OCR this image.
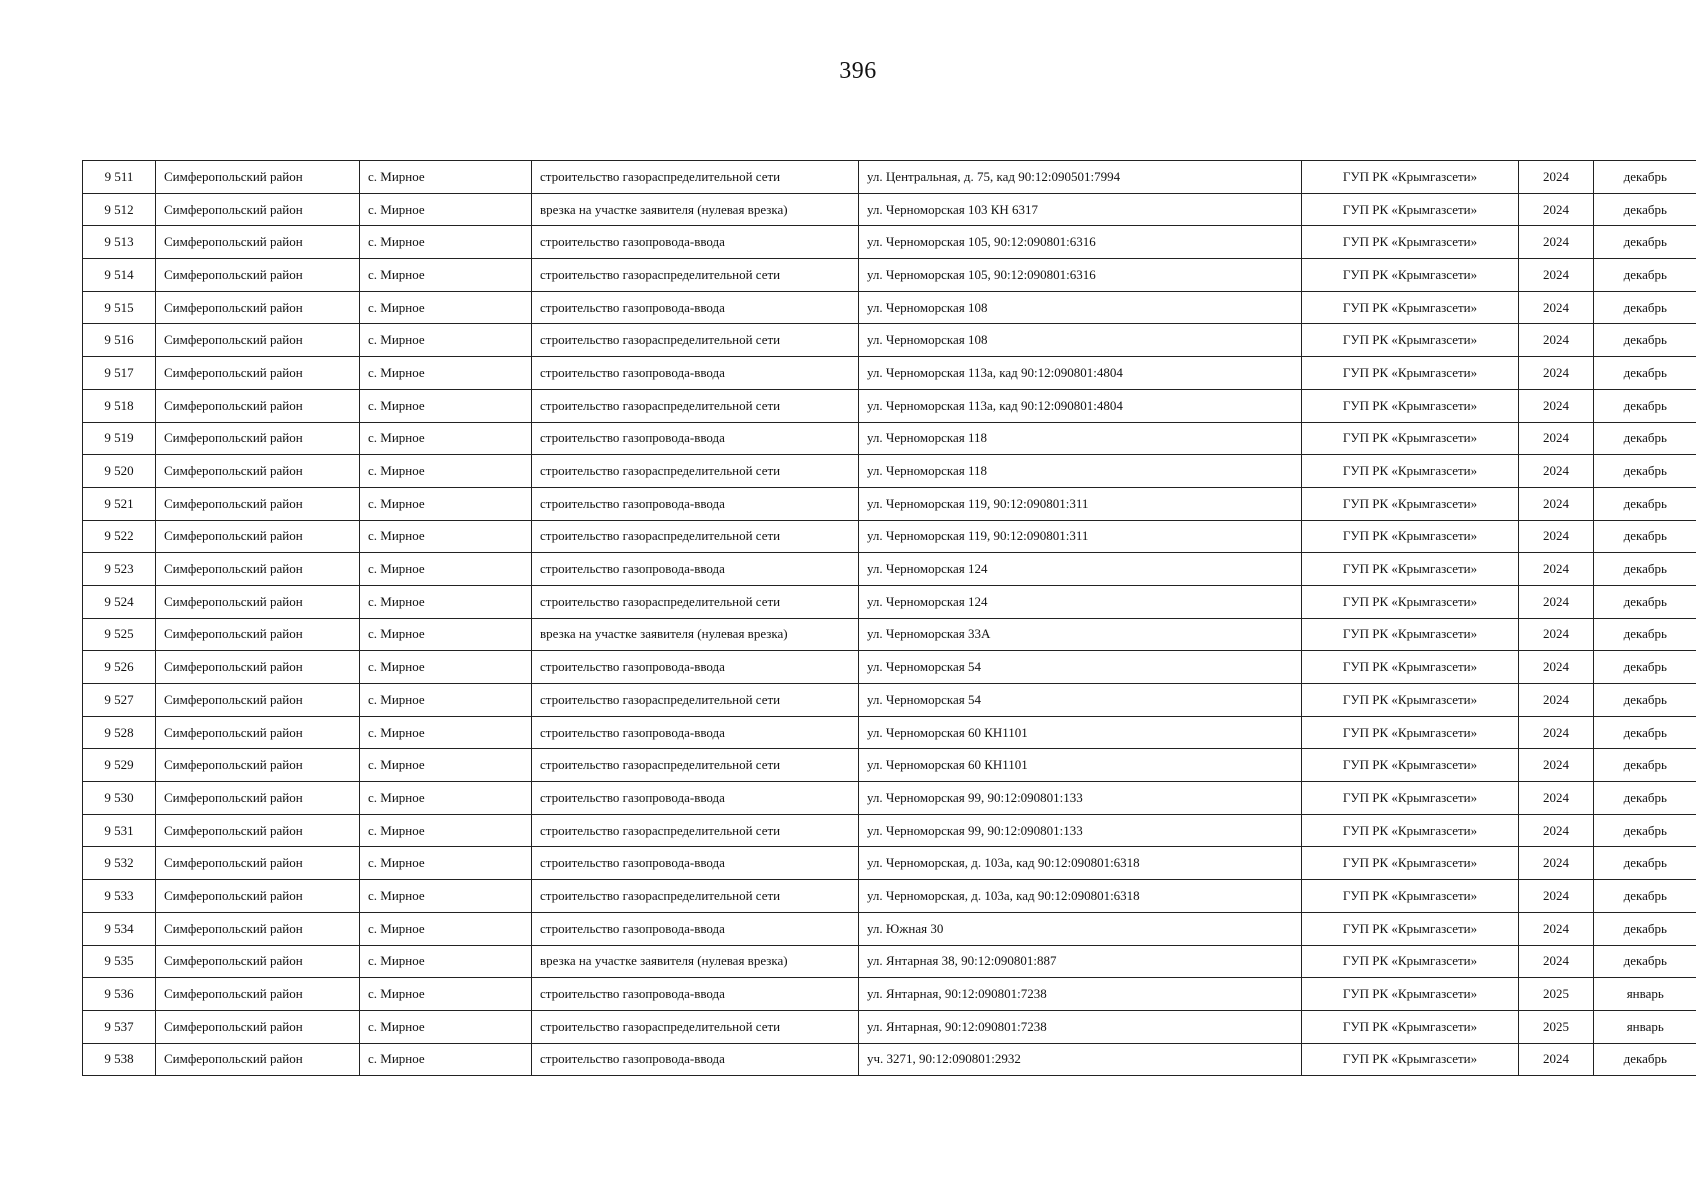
396
9 511	Симферопольский район	с. Мирное	строительство газораспределительной сети	ул. Центральная, д. 75, кад 90:12:090501:7994	ГУП РК «Крымгазсети»	2024	декабрь
9 512	Симферопольский район	с. Мирное	врезка на участке заявителя (нулевая врезка)	ул. Черноморская 103 КН 6317	ГУП РК «Крымгазсети»	2024	декабрь
9 513	Симферопольский район	с. Мирное	строительство газопровода-ввода	ул. Черноморская 105, 90:12:090801:6316	ГУП РК «Крымгазсети»	2024	декабрь
9 514	Симферопольский район	с. Мирное	строительство газораспределительной сети	ул. Черноморская 105, 90:12:090801:6316	ГУП РК «Крымгазсети»	2024	декабрь
9 515	Симферопольский район	с. Мирное	строительство газопровода-ввода	ул. Черноморская 108	ГУП РК «Крымгазсети»	2024	декабрь
9 516	Симферопольский район	с. Мирное	строительство газораспределительной сети	ул. Черноморская 108	ГУП РК «Крымгазсети»	2024	декабрь
9 517	Симферопольский район	с. Мирное	строительство газопровода-ввода	ул. Черноморская 113а, кад 90:12:090801:4804	ГУП РК «Крымгазсети»	2024	декабрь
9 518	Симферопольский район	с. Мирное	строительство газораспределительной сети	ул. Черноморская 113а, кад 90:12:090801:4804	ГУП РК «Крымгазсети»	2024	декабрь
9 519	Симферопольский район	с. Мирное	строительство газопровода-ввода	ул. Черноморская 118	ГУП РК «Крымгазсети»	2024	декабрь
9 520	Симферопольский район	с. Мирное	строительство газораспределительной сети	ул. Черноморская 118	ГУП РК «Крымгазсети»	2024	декабрь
9 521	Симферопольский район	с. Мирное	строительство газопровода-ввода	ул. Черноморская 119, 90:12:090801:311	ГУП РК «Крымгазсети»	2024	декабрь
9 522	Симферопольский район	с. Мирное	строительство газораспределительной сети	ул. Черноморская 119, 90:12:090801:311	ГУП РК «Крымгазсети»	2024	декабрь
9 523	Симферопольский район	с. Мирное	строительство газопровода-ввода	ул. Черноморская 124	ГУП РК «Крымгазсети»	2024	декабрь
9 524	Симферопольский район	с. Мирное	строительство газораспределительной сети	ул. Черноморская 124	ГУП РК «Крымгазсети»	2024	декабрь
9 525	Симферопольский район	с. Мирное	врезка на участке заявителя (нулевая врезка)	ул. Черноморская 33А	ГУП РК «Крымгазсети»	2024	декабрь
9 526	Симферопольский район	с. Мирное	строительство газопровода-ввода	ул. Черноморская 54	ГУП РК «Крымгазсети»	2024	декабрь
9 527	Симферопольский район	с. Мирное	строительство газораспределительной сети	ул. Черноморская 54	ГУП РК «Крымгазсети»	2024	декабрь
9 528	Симферопольский район	с. Мирное	строительство газопровода-ввода	ул. Черноморская 60 КН1101	ГУП РК «Крымгазсети»	2024	декабрь
9 529	Симферопольский район	с. Мирное	строительство газораспределительной сети	ул. Черноморская 60 КН1101	ГУП РК «Крымгазсети»	2024	декабрь
9 530	Симферопольский район	с. Мирное	строительство газопровода-ввода	ул. Черноморская 99, 90:12:090801:133	ГУП РК «Крымгазсети»	2024	декабрь
9 531	Симферопольский район	с. Мирное	строительство газораспределительной сети	ул. Черноморская 99, 90:12:090801:133	ГУП РК «Крымгазсети»	2024	декабрь
9 532	Симферопольский район	с. Мирное	строительство газопровода-ввода	ул. Черноморская, д. 103а, кад 90:12:090801:6318	ГУП РК «Крымгазсети»	2024	декабрь
9 533	Симферопольский район	с. Мирное	строительство газораспределительной сети	ул. Черноморская, д. 103а, кад 90:12:090801:6318	ГУП РК «Крымгазсети»	2024	декабрь
9 534	Симферопольский район	с. Мирное	строительство газопровода-ввода	ул. Южная 30	ГУП РК «Крымгазсети»	2024	декабрь
9 535	Симферопольский район	с. Мирное	врезка на участке заявителя (нулевая врезка)	ул. Янтарная 38, 90:12:090801:887	ГУП РК «Крымгазсети»	2024	декабрь
9 536	Симферопольский район	с. Мирное	строительство газопровода-ввода	ул. Янтарная, 90:12:090801:7238	ГУП РК «Крымгазсети»	2025	январь
9 537	Симферопольский район	с. Мирное	строительство газораспределительной сети	ул. Янтарная, 90:12:090801:7238	ГУП РК «Крымгазсети»	2025	январь
9 538	Симферопольский район	с. Мирное	строительство газопровода-ввода	уч. 3271, 90:12:090801:2932	ГУП РК «Крымгазсети»	2024	декабрь
